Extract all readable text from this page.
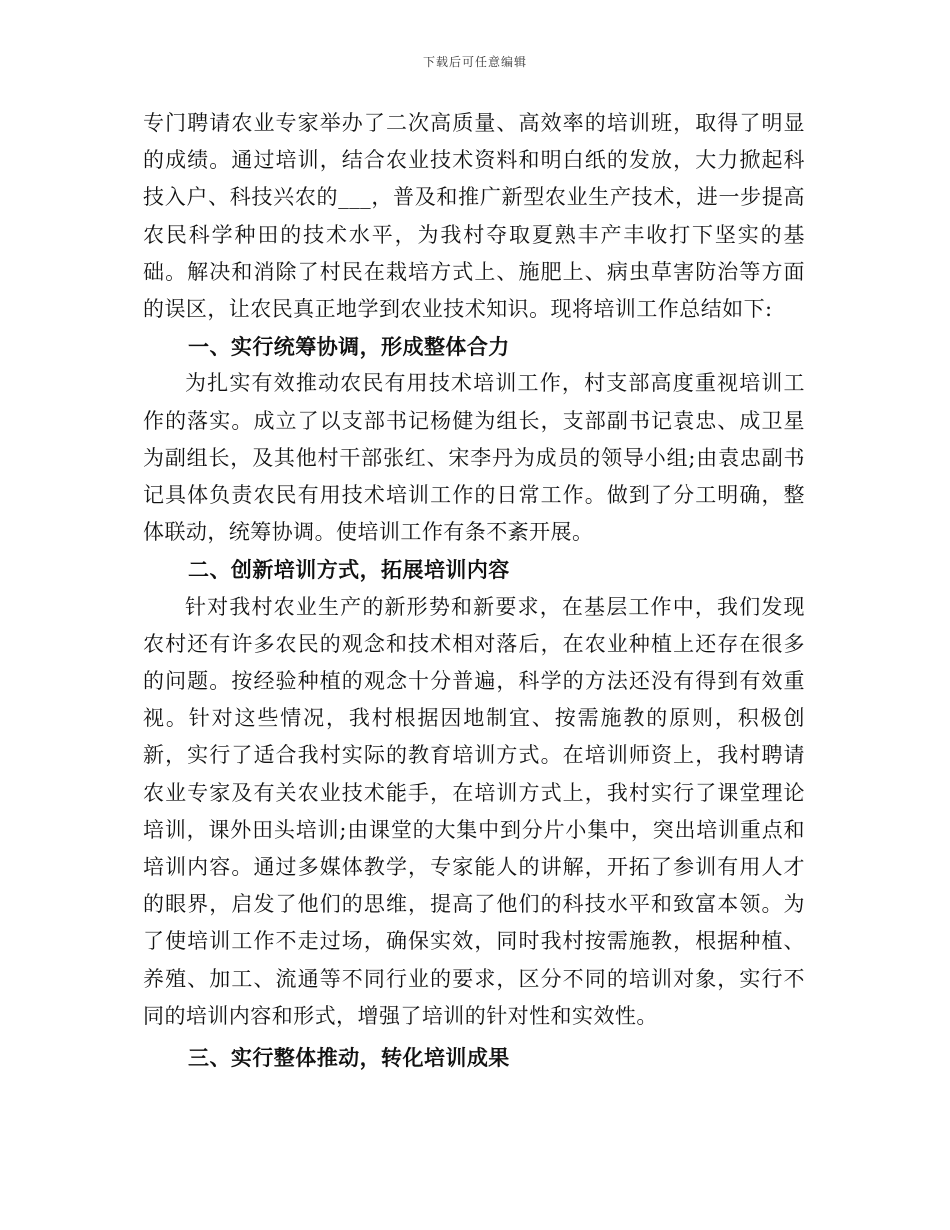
下载后可任意编辑

专门聘请农业专家举办了二次高质量、高效率的培训班，取得了明显的成绩。通过培训，结合农业技术资料和明白纸的发放，大力掀起科技入户、科技兴农的___，普及和推广新型农业生产技术，进一步提高农民科学种田的技术水平，为我村夺取夏熟丰产丰收打下坚实的基础。解决和消除了村民在栽培方式上、施肥上、病虫草害防治等方面的误区，让农民真正地学到农业技术知识。现将培训工作总结如下:

一、实行统筹协调，形成整体合力

为扎实有效推动农民有用技术培训工作，村支部高度重视培训工作的落实。成立了以支部书记杨健为组长，支部副书记袁忠、成卫星为副组长，及其他村干部张红、宋李丹为成员的领导小组;由袁忠副书记具体负责农民有用技术培训工作的日常工作。做到了分工明确，整体联动，统筹协调。使培训工作有条不紊开展。

二、创新培训方式，拓展培训内容

针对我村农业生产的新形势和新要求，在基层工作中，我们发现农村还有许多农民的观念和技术相对落后，在农业种植上还存在很多的问题。按经验种植的观念十分普遍，科学的方法还没有得到有效重视。针对这些情况，我村根据因地制宜、按需施教的原则，积极创新，实行了适合我村实际的教育培训方式。在培训师资上，我村聘请农业专家及有关农业技术能手，在培训方式上，我村实行了课堂理论培训，课外田头培训;由课堂的大集中到分片小集中，突出培训重点和培训内容。通过多媒体教学，专家能人的讲解，开拓了参训有用人才的眼界，启发了他们的思维，提高了他们的科技水平和致富本领。为了使培训工作不走过场，确保实效，同时我村按需施教，根据种植、养殖、加工、流通等不同行业的要求，区分不同的培训对象，实行不同的培训内容和形式，增强了培训的针对性和实效性。

三、实行整体推动，转化培训成果
